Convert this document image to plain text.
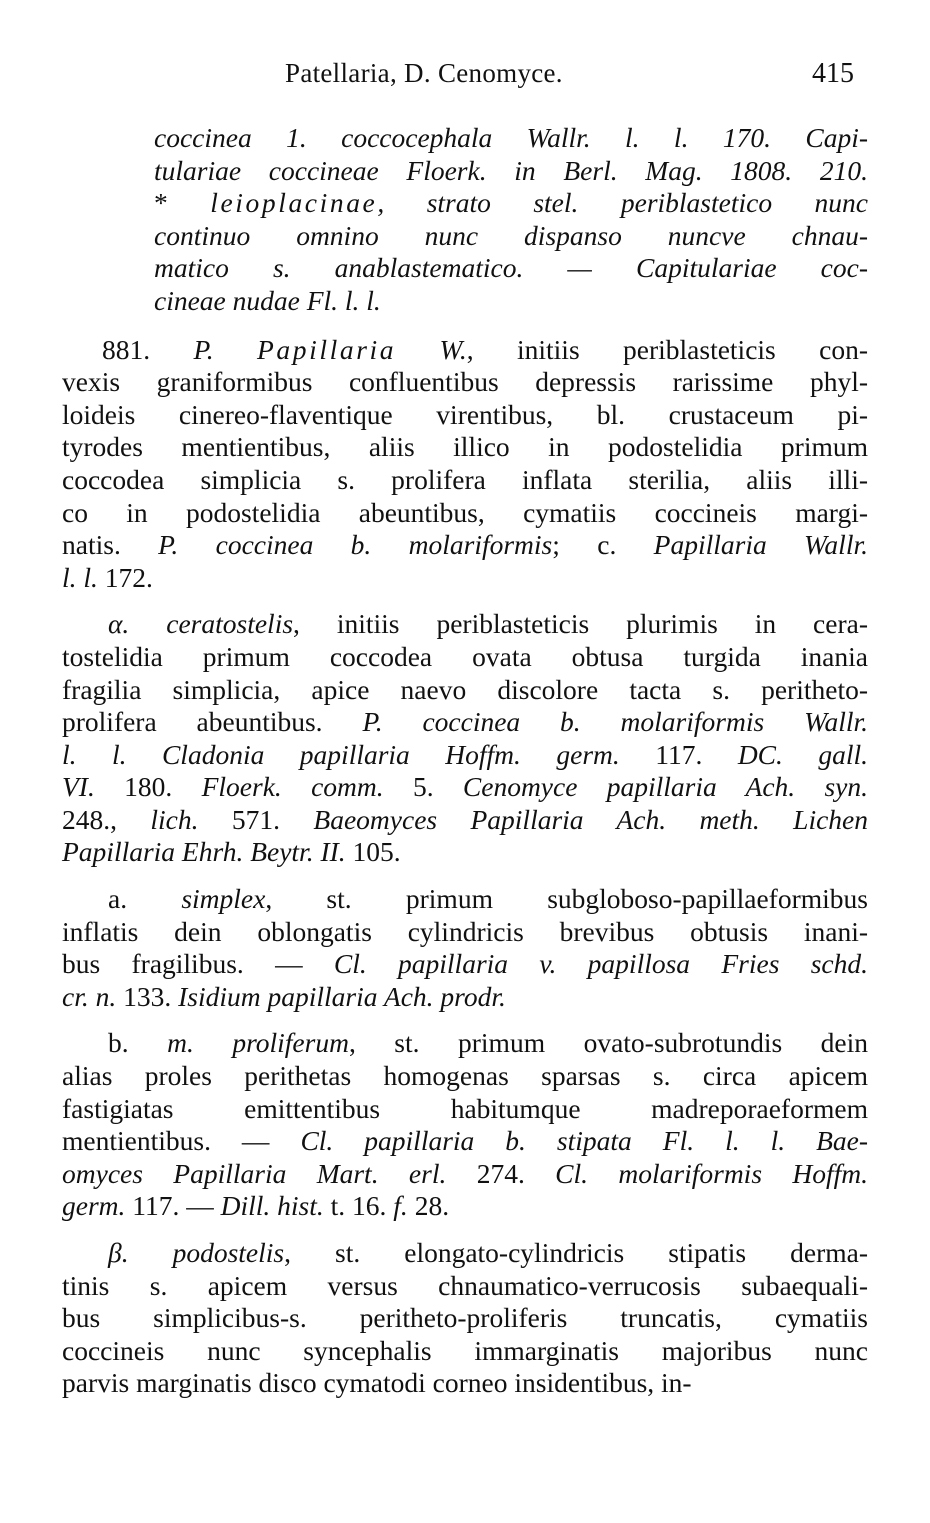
Patellaria, D. Cenomyce.	415
coccinea 1. coccocephala Wallr. l. l. 170. Capi-
tulariae coccineae Floerk. in Berl. Mag. 1808. 210.
* leioplacinae, strato stel. periblastetico nunc
continuo omnino nunc dispanso nuncve chnau-
matico s. anablastematico. — Capitulariae coc-
cineae nudae Fl. l. l.
881. P. Papillaria W., initiis periblasteticis con-
vexis graniformibus confluentibus depressis rarissime phyl-
loideis cinereo-flaventique virentibus, bl. crustaceum pi-
tyrodes mentientibus, aliis illico in podostelidia primum
coccodea simplicia s. prolifera inflata sterilia, aliis illi-
co in podostelidia abeuntibus, cymatiis coccineis margi-
natis. P. coccinea b. molariformis; c. Papillaria Wallr.
l. l. 172.
α. ceratostelis, initiis periblasteticis plurimis in cera-
tostelidia primum coccodea ovata obtusa turgida inania
fragilia simplicia, apice naevo discolore tacta s. peritheto-
prolifera abeuntibus. P. coccinea b. molariformis Wallr.
l. l. Cladonia papillaria Hoffm. germ. 117. DC. gall.
VI. 180. Floerk. comm. 5. Cenomyce papillaria Ach. syn.
248., lich. 571. Baeomyces Papillaria Ach. meth. Lichen
Papillaria Ehrh. Beytr. II. 105.
a. simplex, st. primum subgloboso-papillaeformibus
inflatis dein oblongatis cylindricis brevibus obtusis inani-
bus fragilibus. — Cl. papillaria v. papillosa Fries schd.
cr. n. 133. Isidium papillaria Ach. prodr.
b. m. proliferum, st. primum ovato-subrotundis dein
alias proles perithetas homogenas sparsas s. circa apicem
fastigiatas emittentibus habitumque madreporaeformem
mentientibus. — Cl. papillaria b. stipata Fl. l. l. Bae-
omyces Papillaria Mart. erl. 274. Cl. molariformis Hoffm.
germ. 117. — Dill. hist. t. 16. f. 28.
β. podostelis, st. elongato-cylindricis stipatis derma-
tinis s. apicem versus chnaumatico-verrucosis subaequali-
bus simplicibus-s. peritheto-proliferis truncatis, cymatiis
coccineis nunc syncephalis immarginatis majoribus nunc
parvis marginatis disco cymatodi corneo insidentibus, in-
